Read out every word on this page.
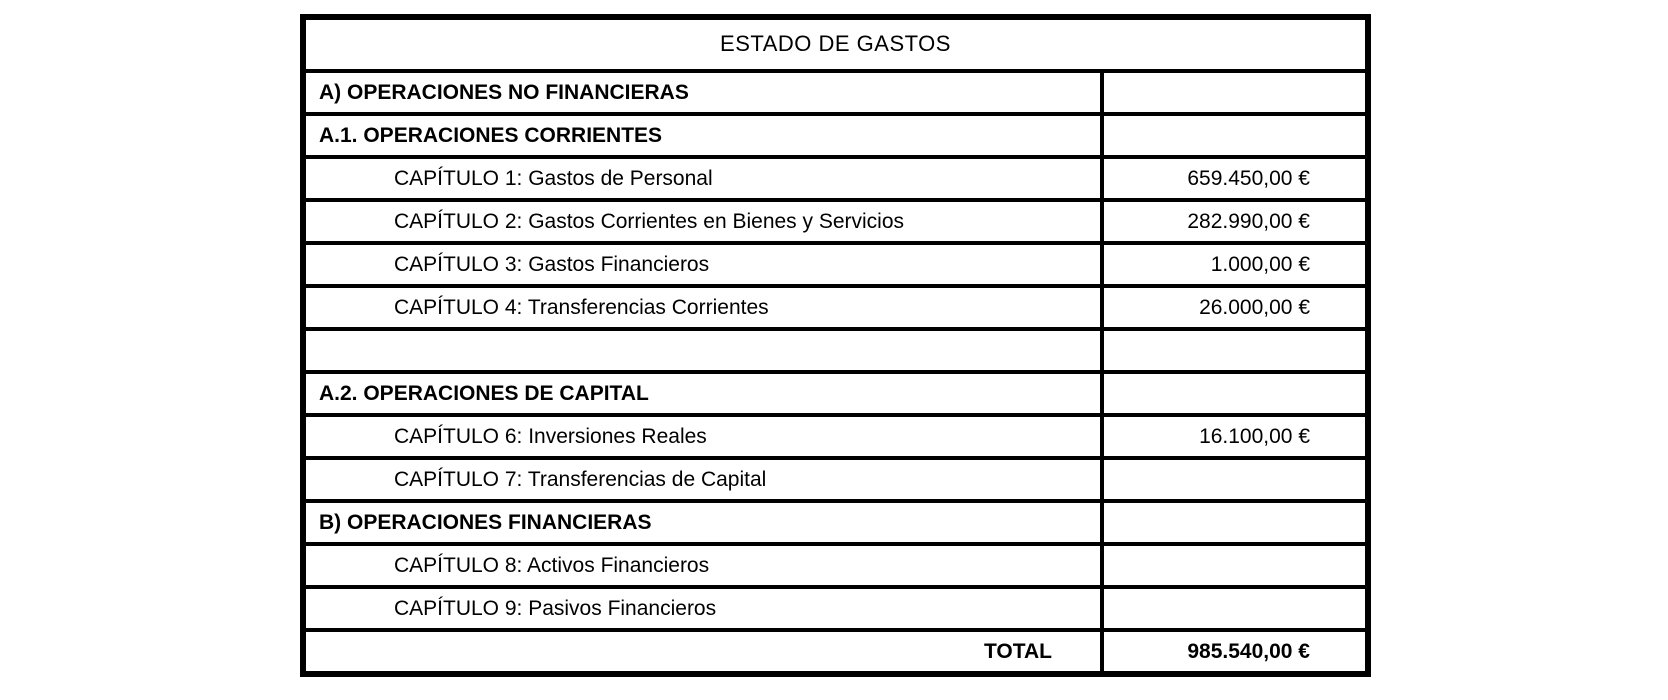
ESTADO DE GASTOS	
A) OPERACIONES NO FINANCIERAS	
A.1. OPERACIONES CORRIENTES	
CAPÍTULO 1: Gastos de Personal	659.450,00 €
CAPÍTULO 2: Gastos Corrientes en Bienes y Servicios	282.990,00 €
CAPÍTULO 3: Gastos Financieros	1.000,00 €
CAPÍTULO 4: Transferencias Corrientes	26.000,00 €

A.2. OPERACIONES DE CAPITAL	
CAPÍTULO 6: Inversiones Reales	16.100,00 €
CAPÍTULO 7: Transferencias de Capital	
B) OPERACIONES FINANCIERAS	
CAPÍTULO 8: Activos Financieros	
CAPÍTULO 9: Pasivos Financieros	
TOTAL	985.540,00 €
